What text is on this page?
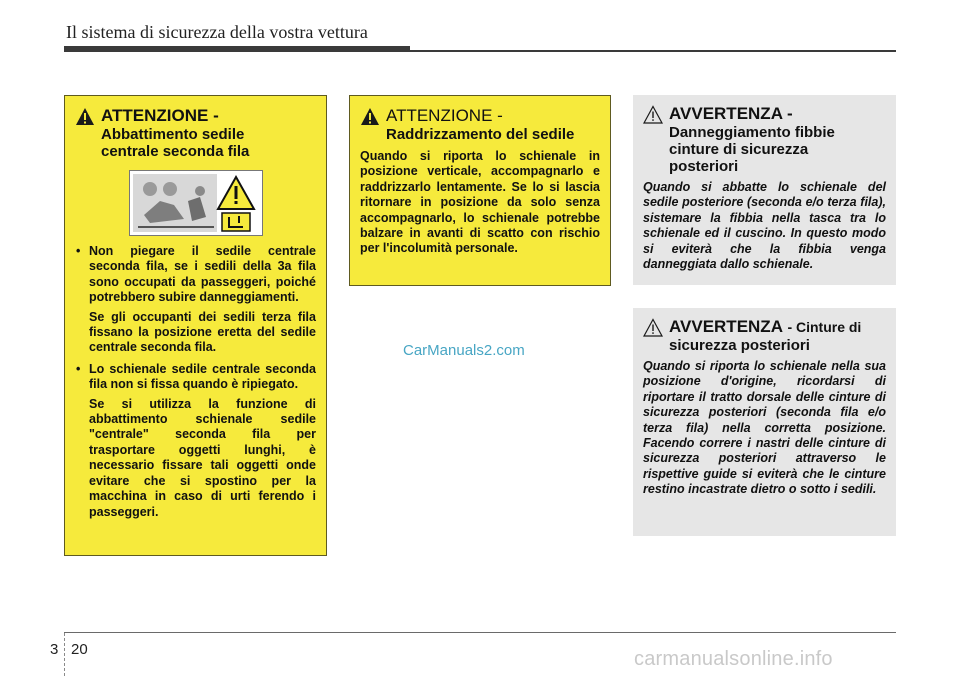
Il sistema di sicurezza della vostra vettura
ATTENZIONE -
Abbattimento sedile
centrale seconda fila
• Non piegare il sedile centrale seconda fila, se i sedili della 3a fila sono occupati da passeggeri, poiché potrebbero subire danneggiamenti.
Se gli occupanti dei sedili terza fila fissano la posizione eretta del sedile centrale seconda fila.
• Lo schienale sedile centrale seconda fila non si fissa quando è ripiegato.
Se si utilizza la funzione di abbattimento schienale sedile "centrale" seconda fila per trasportare oggetti lunghi, è necessario fissare tali oggetti onde evitare che si spostino per la macchina in caso di urti ferendo i passeggeri.
ATTENZIONE -
Raddrizzamento del sedile
Quando si riporta lo schienale in posizione verticale, accompagnarlo e raddrizzarlo lentamente. Se lo si lascia ritornare in posizione da solo senza accompagnarlo, lo schienale potrebbe balzare in avanti di scatto con rischio per l'incolumità personale.
AVVERTENZA -
Danneggiamento fibbie
cinture di sicurezza
posteriori
Quando si abbatte lo schienale del sedile posteriore (seconda e/o terza fila), sistemare la fibbia nella tasca tra lo schienale ed il cuscino. In questo modo si eviterà che la fibbia venga danneggiata dallo schienale.
AVVERTENZA - Cinture di
sicurezza posteriori
Quando si riporta lo schienale nella sua posizione d'origine, ricordarsi di riportare il tratto dorsale delle cinture di sicurezza posteriori (seconda fila e/o terza fila) nella corretta posizione. Facendo correre i nastri delle cinture di sicurezza posteriori attraverso le rispettive guide si eviterà che le cinture restino incastrate dietro o sotto i sedili.
CarManuals2.com
3 20	carmanualsonline.info
